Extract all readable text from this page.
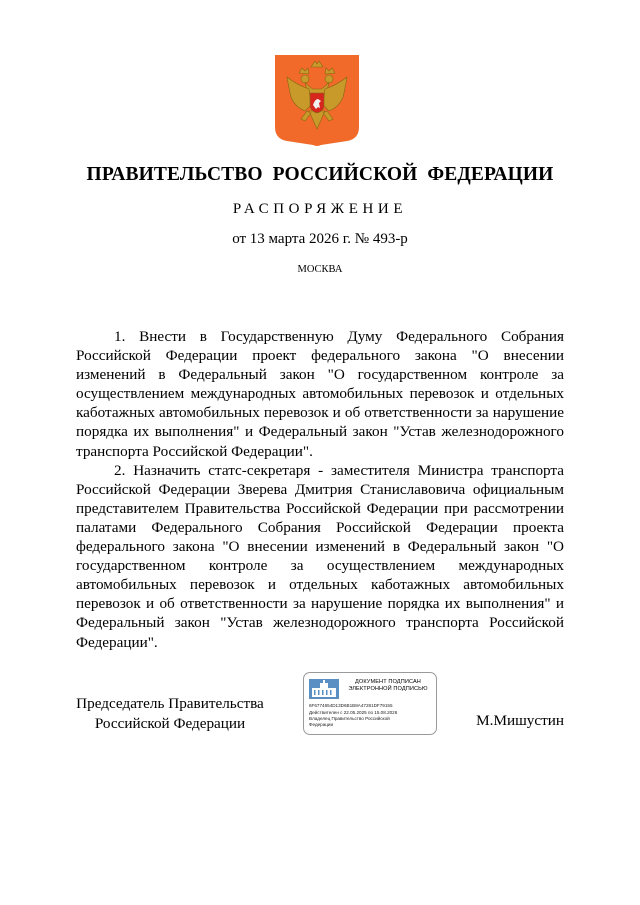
ПРАВИТЕЛЬСТВО РОССИЙСКОЙ ФЕДЕРАЦИИ
РАСПОРЯЖЕНИЕ
от 13 марта 2026 г. № 493-р
МОСКВА

1. Внести в Государственную Думу Федерального Собрания Российской Федерации проект федерального закона "О внесении изменений в Федеральный закон "О государственном контроле за осуществлением международных автомобильных перевозок и отдельных каботажных автомобильных перевозок и об ответственности за нарушение порядка их выполнения" и Федеральный закон "Устав железнодорожного транспорта Российской Федерации".

2. Назначить статс-секретаря - заместителя Министра транспорта Российской Федерации Зверева Дмитрия Станиславовича официальным представителем Правительства Российской Федерации при рассмотрении палатами Федерального Собрания Российской Федерации проекта федерального закона "О внесении изменений в Федеральный закон "О государственном контроле за осуществлением международных автомобильных перевозок и отдельных каботажных автомобильных перевозок и об ответственности за нарушение порядка их выполнения" и Федеральный закон "Устав железнодорожного транспорта Российской Федерации".

Председатель Правительства
Российской Федерации
ДОКУМЕНТ ПОДПИСАН
ЭЛЕКТРОННОЙ ПОДПИСЬЮ
6F6774654D13D6B1B8A47281DF79155
Действителен с 22.05.2025 по 15.08.2026
Владелец Правительство Российской
Федерации	М.Мишустин
